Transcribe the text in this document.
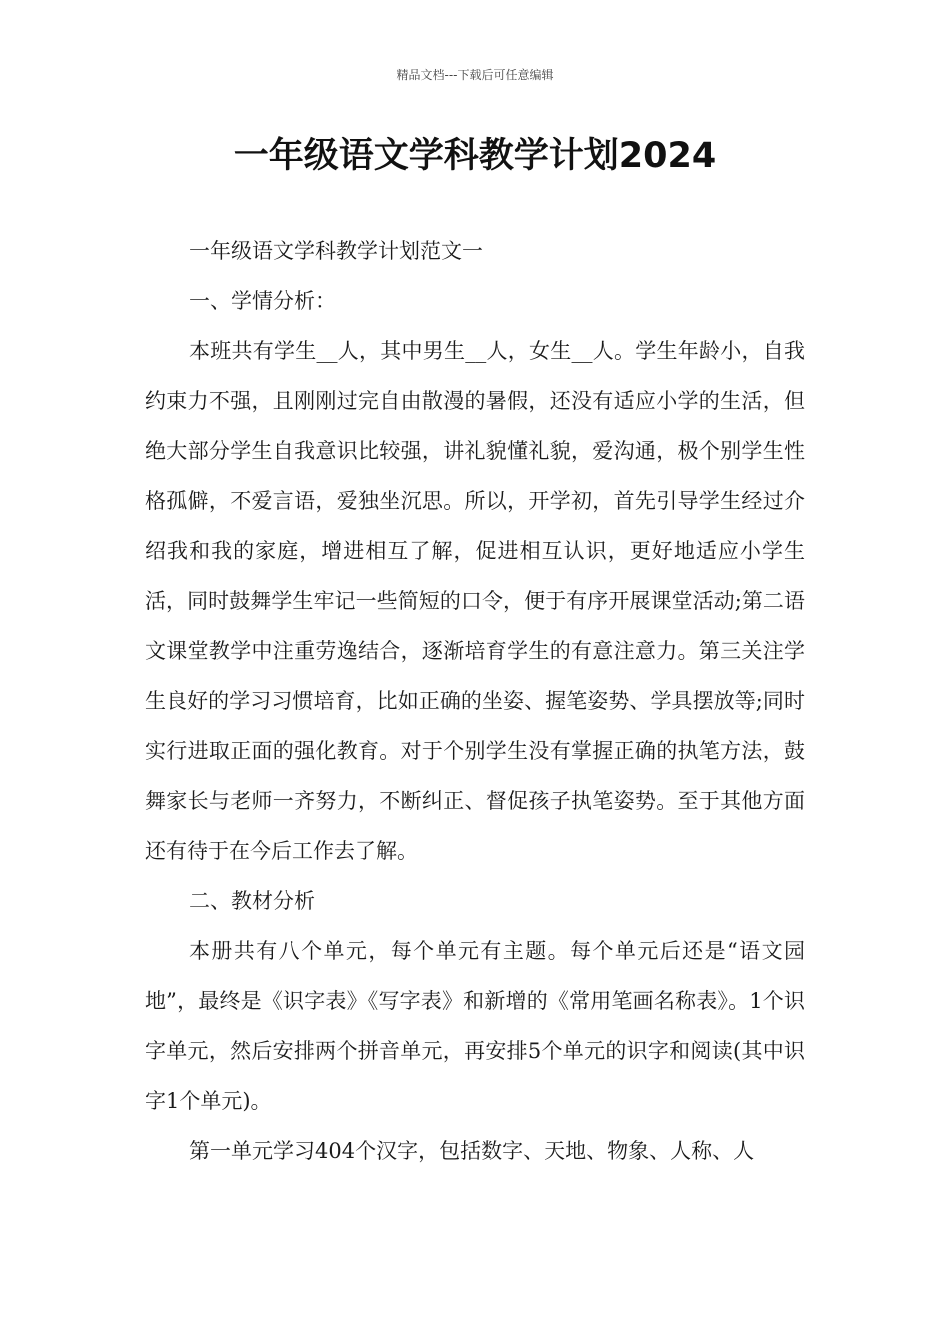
精品文档---下载后可任意编辑
一年级语文学科教学计划2024

一年级语文学科教学计划范文一

一、学情分析：

本班共有学生__人，其中男生__人，女生__人。学生年龄小，自我约束力不强，且刚刚过完自由散漫的暑假，还没有适应小学的生活，但绝大部分学生自我意识比较强，讲礼貌懂礼貌，爱沟通，极个别学生性格孤僻，不爱言语，爱独坐沉思。所以，开学初，首先引导学生经过介绍我和我的家庭，增进相互了解，促进相互认识，更好地适应小学生活，同时鼓舞学生牢记一些简短的口令，便于有序开展课堂活动;第二语文课堂教学中注重劳逸结合，逐渐培育学生的有意注意力。第三关注学生良好的学习习惯培育，比如正确的坐姿、握笔姿势、学具摆放等;同时实行进取正面的强化教育。对于个别学生没有掌握正确的执笔方法，鼓舞家长与老师一齐努力，不断纠正、督促孩子执笔姿势。至于其他方面还有待于在今后工作去了解。

二、教材分析

本册共有八个单元，每个单元有主题。每个单元后还是“语文园地”，最终是《识字表》《写字表》和新增的《常用笔画名称表》。1个识字单元，然后安排两个拼音单元，再安排5个单元的识字和阅读(其中识字1个单元)。

第一单元学习404个汉字，包括数字、天地、物象、人称、人
